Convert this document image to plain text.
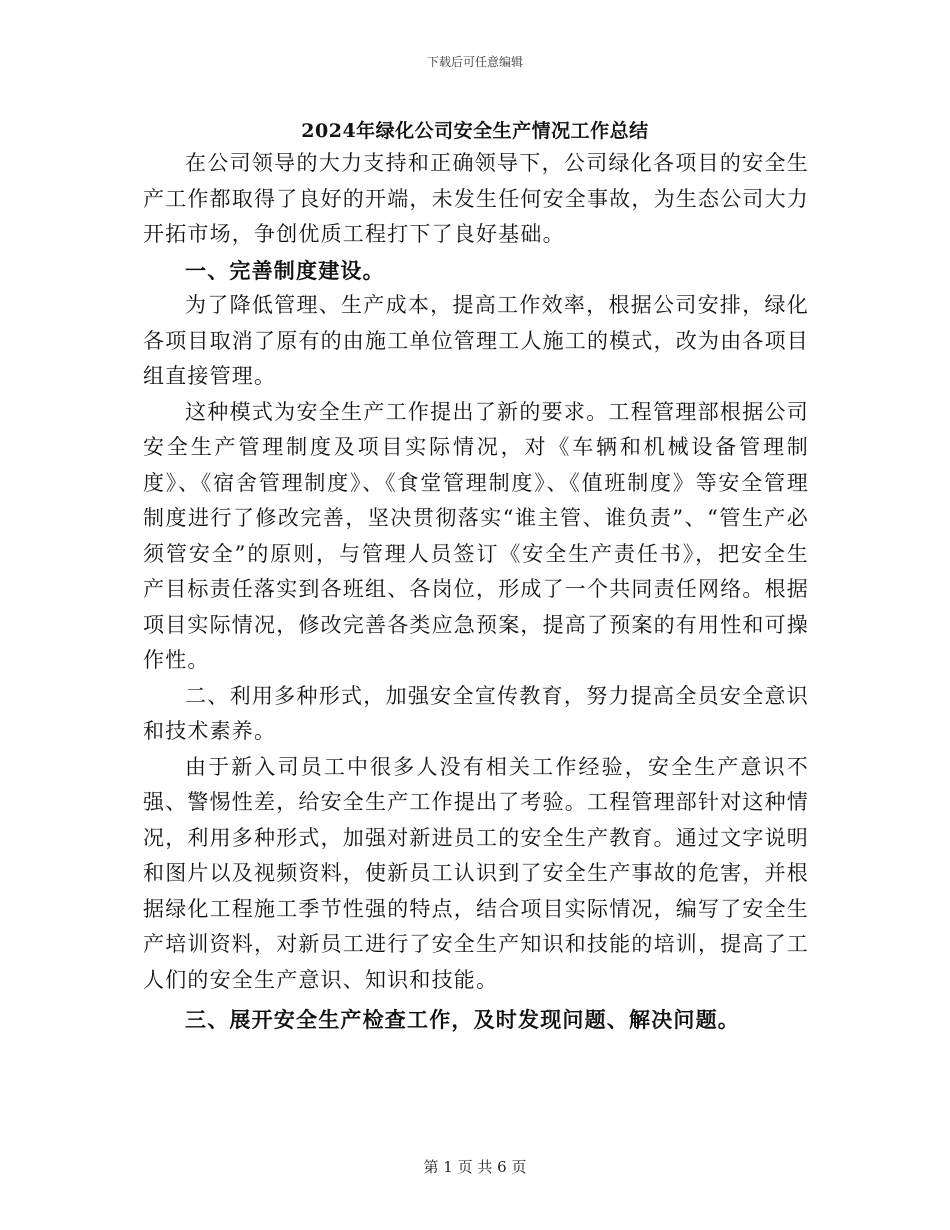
下载后可任意编辑
2024年绿化公司安全生产情况工作总结

在公司领导的大力支持和正确领导下，公司绿化各项目的安全生产工作都取得了良好的开端，未发生任何安全事故，为生态公司大力开拓市场，争创优质工程打下了良好基础。

一、完善制度建设。

为了降低管理、生产成本，提高工作效率，根据公司安排，绿化各项目取消了原有的由施工单位管理工人施工的模式，改为由各项目组直接管理。

这种模式为安全生产工作提出了新的要求。工程管理部根据公司安全生产管理制度及项目实际情况，对《车辆和机械设备管理制度》、《宿舍管理制度》、《食堂管理制度》、《值班制度》等安全管理制度进行了修改完善，坚决贯彻落实“谁主管、谁负责”、“管生产必须管安全”的原则，与管理人员签订《安全生产责任书》，把安全生产目标责任落实到各班组、各岗位，形成了一个共同责任网络。根据项目实际情况，修改完善各类应急预案，提高了预案的有用性和可操作性。

二、利用多种形式，加强安全宣传教育，努力提高全员安全意识和技术素养。

由于新入司员工中很多人没有相关工作经验，安全生产意识不强、警惕性差，给安全生产工作提出了考验。工程管理部针对这种情况，利用多种形式，加强对新进员工的安全生产教育。通过文字说明和图片以及视频资料，使新员工认识到了安全生产事故的危害，并根据绿化工程施工季节性强的特点，结合项目实际情况，编写了安全生产培训资料，对新员工进行了安全生产知识和技能的培训，提高了工人们的安全生产意识、知识和技能。

三、展开安全生产检查工作，及时发现问题、解决问题。

第 1 页 共 6 页
